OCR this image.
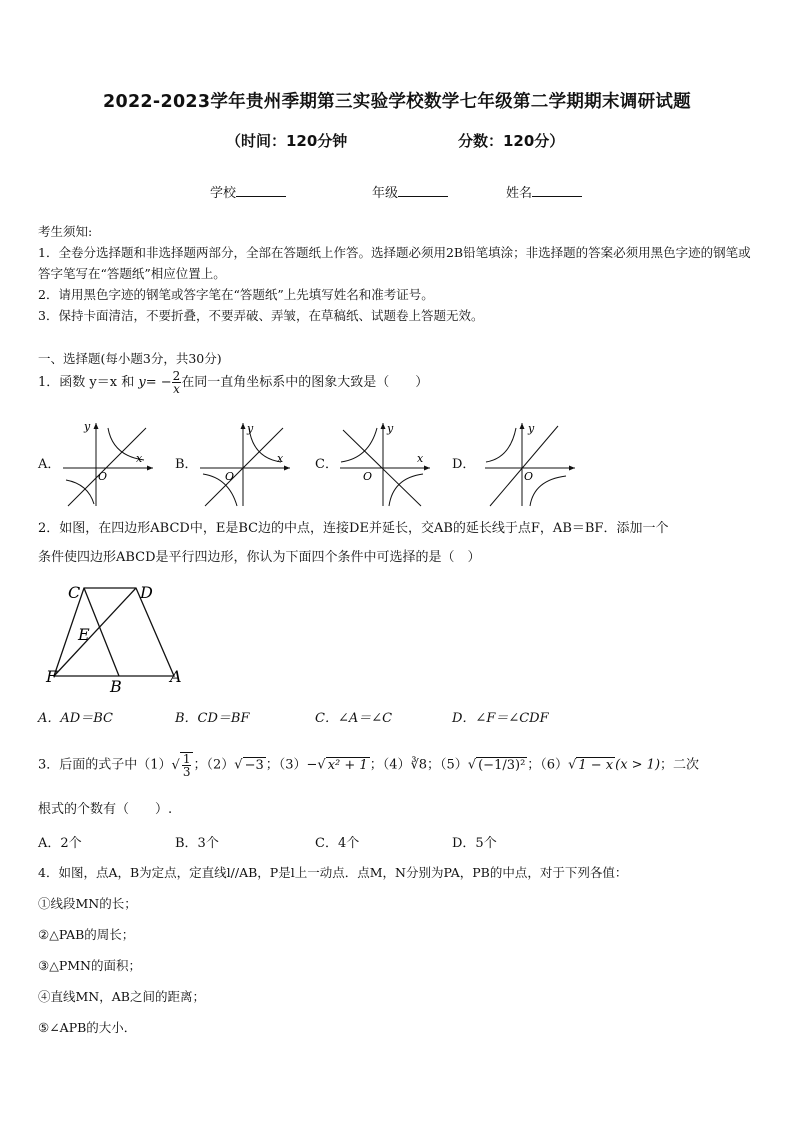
2022-2023学年贵州季期第三实验学校数学七年级第二学期期末调研试题
（时间：120分钟	分数：120分）
学校	年级	姓名

考生须知:

1．全卷分选择题和非选择题两部分，全部在答题纸上作答。选择题必须用2B铅笔填涂；非选择题的答案必须用黑色字迹的钢笔或答字笔写在“答题纸”相应位置上。

2．请用黑色字迹的钢笔或答字笔在“答题纸”上先填写姓名和准考证号。

3．保持卡面清洁，不要折叠，不要弄破、弄皱，在草稿纸、试题卷上答题无效。

一、选择题(每小题3分，共30分)
1．函数 y＝x 和 $y= - \frac{2}{x}$ 在同一直角坐标系中的图象大致是（　　）
A．	B．	C．	D．
x
y
O
x
y
O
x
y
O
y
O
2．如图，在四边形ABCD中，E是BC边的中点，连接DE并延长，交AB的延长线于点F，AB＝BF．添加一个
条件使四边形ABCD是平行四边形，你认为下面四个条件中可选择的是（　）
C	D
E
F
B
A
A．AD＝BC	B．CD＝BF	C．∠A＝∠C	D．∠F＝∠CDF
3．后面的式子中$(1)√ \frac{1}{3}$ ；（2）√ −3 ；（3）−√ x² + 1 ；（4）∛8；（5）√ (−1/3)² ；（6）√ 1 − x (x > 1)；二次
根式的个数有（　　）.
A．2个	B．3个	C．4个	D．5个
4．如图，点A，B为定点，定直线l//AB，P是l上一动点．点M，N分别为PA，PB的中点，对于下列各值：
①线段MN的长；
②△PAB的周长；
③△PMN的面积；
④直线MN，AB之间的距离；
⑤∠APB的大小．
